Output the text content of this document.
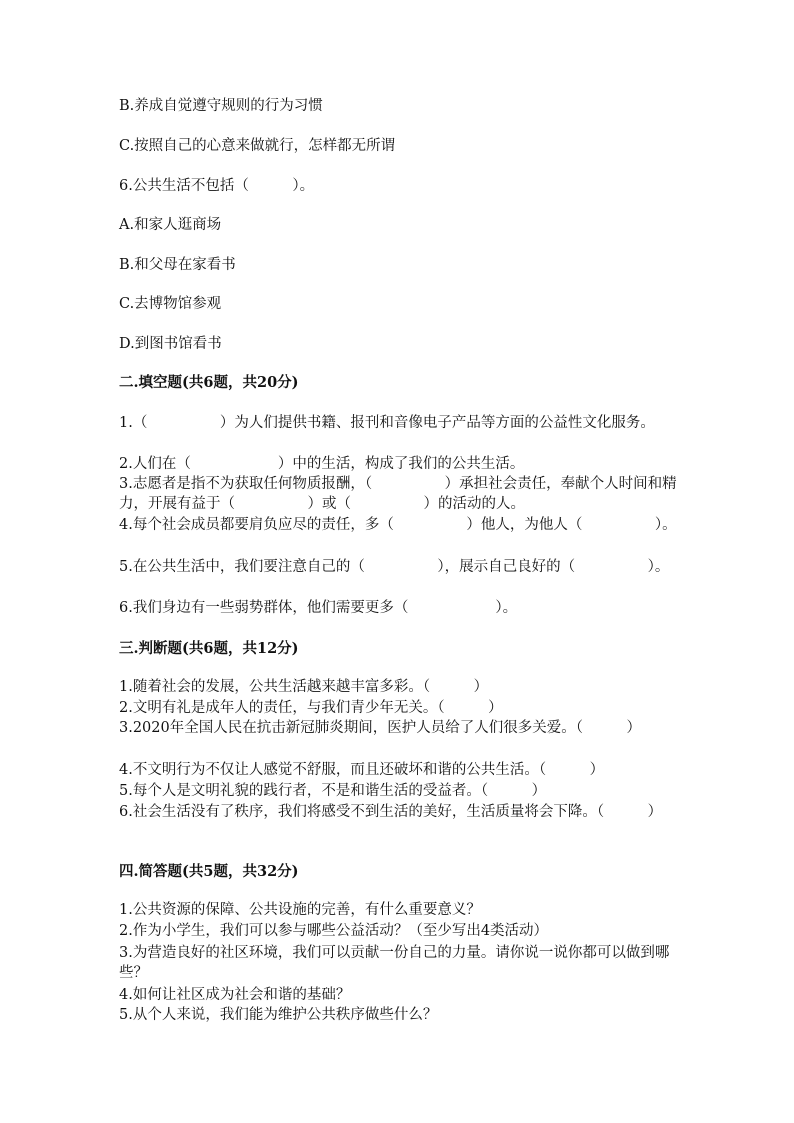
B.养成自觉遵守规则的行为习惯
C.按照自己的心意来做就行，怎样都无所谓
6.公共生活不包括（　　　）。
A.和家人逛商场
B.和父母在家看书
C.去博物馆参观
D.到图书馆看书
二.填空题(共6题，共20分)
1.（　　　　　）为人们提供书籍、报刊和音像电子产品等方面的公益性文化服务。
2.人们在（　　　　　　）中的生活，构成了我们的公共生活。
3.志愿者是指不为获取任何物质报酬，（　　　　　）承担社会责任，奉献个人时间和精力，开展有益于（　　　　　）或（　　　　　）的活动的人。
4.每个社会成员都要肩负应尽的责任，多（　　　　　）他人，为他人（　　　　　）。
5.在公共生活中，我们要注意自己的（　　　　　），展示自己良好的（　　　　　）。
6.我们身边有一些弱势群体，他们需要更多（　　　　　　）。
三.判断题(共6题，共12分)
1.随着社会的发展，公共生活越来越丰富多彩。（　　　）
2.文明有礼是成年人的责任，与我们青少年无关。（　　　）
3.2020年全国人民在抗击新冠肺炎期间，医护人员给了人们很多关爱。（　　　）
4.不文明行为不仅让人感觉不舒服，而且还破坏和谐的公共生活。（　　　）
5.每个人是文明礼貌的践行者，不是和谐生活的受益者。（　　　）
6.社会生活没有了秩序，我们将感受不到生活的美好，生活质量将会下降。（　　　）
四.简答题(共5题，共32分)
1.公共资源的保障、公共设施的完善，有什么重要意义？
2.作为小学生，我们可以参与哪些公益活动？（至少写出4类活动）
3.为营造良好的社区环境，我们可以贡献一份自己的力量。请你说一说你都可以做到哪些？
4.如何让社区成为社会和谐的基础？
5.从个人来说，我们能为维护公共秩序做些什么？
